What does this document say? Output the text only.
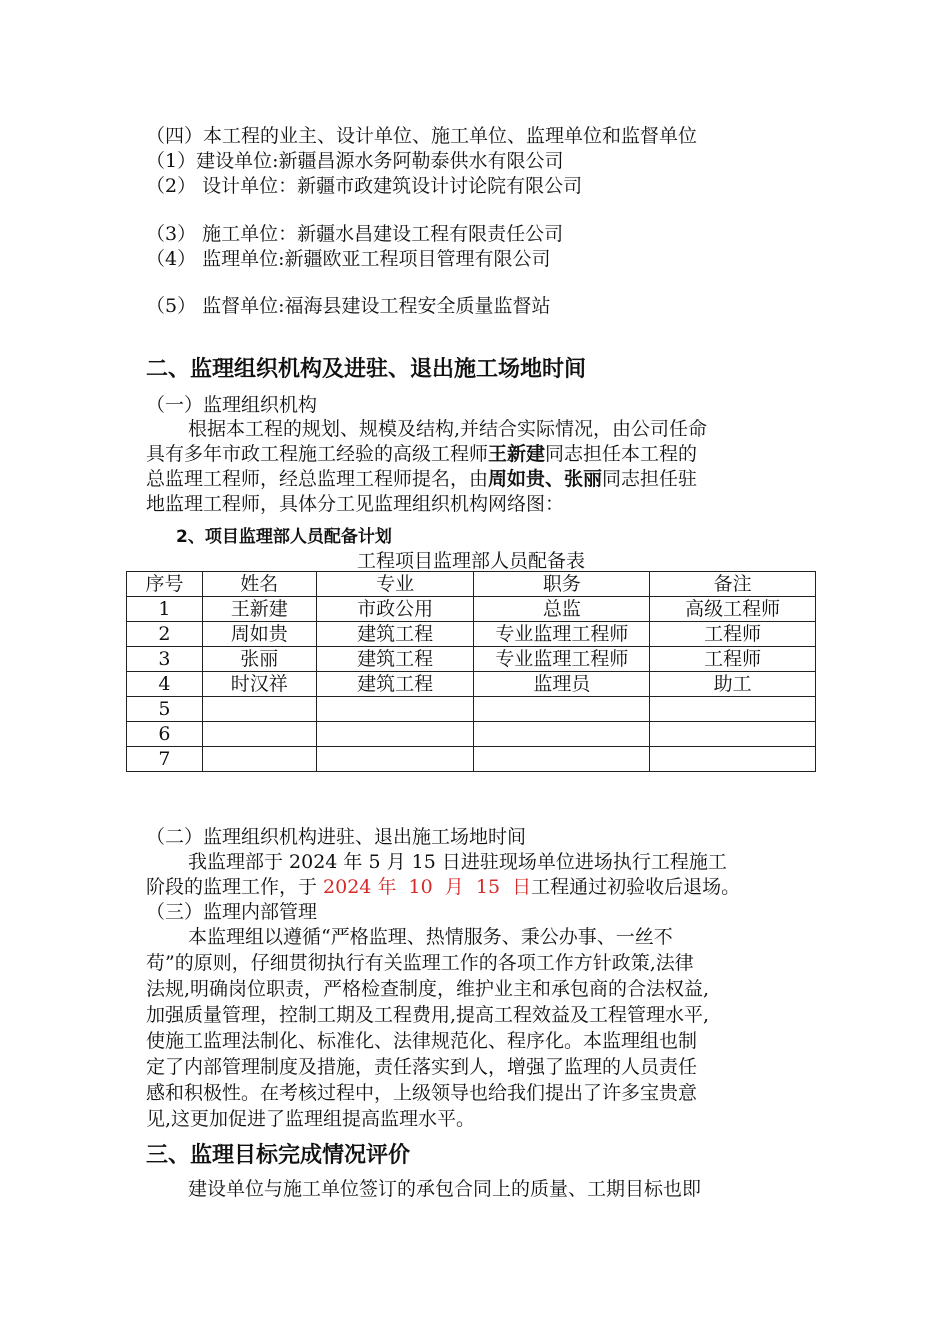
（四）本工程的业主、设计单位、施工单位、监理单位和监督单位
（1）建设单位:新疆昌源水务阿勒泰供水有限公司
（2） 设计单位：新疆市政建筑设计讨论院有限公司
（3） 施工单位：新疆水昌建设工程有限责任公司
（4） 监理单位:新疆欧亚工程项目管理有限公司
（5） 监督单位:福海县建设工程安全质量监督站
二、监理组织机构及进驻、退出施工场地时间
（一）监理组织机构
根据本工程的规划、规模及结构,并结合实际情况，由公司任命
具有多年市政工程施工经验的高级工程师王新建同志担任本工程的
总监理工程师，经总监理工程师提名，由周如贵、张丽同志担任驻
地监理工程师，具体分工见监理组织机构网络图：
2、项目监理部人员配备计划
工程项目监理部人员配备表
序号	姓名	专业	职务	备注
1	王新建	市政公用	总监	高级工程师
2	周如贵	建筑工程	专业监理工程师	工程师
3	张丽	建筑工程	专业监理工程师	工程师
4	时汉祥	建筑工程	监理员	助工
5				
6				
7				
（二）监理组织机构进驻、退出施工场地时间
我监理部于 2024 年 5 月 15 日进驻现场单位进场执行工程施工
阶段的监理工作，于 2024 年  10  月  15  日工程通过初验收后退场。
（三）监理内部管理
本监理组以遵循“严格监理、热情服务、秉公办事、一丝不
苟”的原则，仔细贯彻执行有关监理工作的各项工作方针政策,法律
法规,明确岗位职责，严格检查制度，维护业主和承包商的合法权益,
加强质量管理，控制工期及工程费用,提高工程效益及工程管理水平,
使施工监理法制化、标准化、法律规范化、程序化。本监理组也制
定了内部管理制度及措施，责任落实到人，增强了监理的人员责任
感和积极性。在考核过程中，上级领导也给我们提出了许多宝贵意
见,这更加促进了监理组提高监理水平。
三、监理目标完成情况评价
建设单位与施工单位签订的承包合同上的质量、工期目标也即
